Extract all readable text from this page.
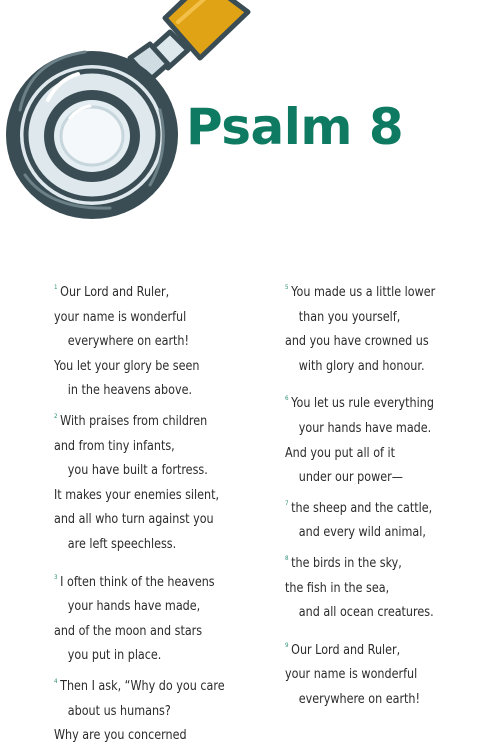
Psalm 8
$^1$ Our Lord and Ruler,
your name is wonderful
everywhere on earth!
You let your glory be seen
in the heavens above.
$^2$ With praises from children
and from tiny infants,
you have built a fortress.
It makes your enemies silent,
and all who turn against you
are left speechless.
$^3$ I often think of the heavens
your hands have made,
and of the moon and stars
you put in place.
$^4$ Then I ask, “Why do you care
about us humans?
Why are you concerned
$^5$ You made us a little lower
than you yourself,
and you have crowned us
with glory and honour.
$^6$ You let us rule everything
your hands have made.
And you put all of it
under our power—
$^7$ the sheep and the cattle,
and every wild animal,
$^8$ the birds in the sky,
the fish in the sea,
and all ocean creatures.
$^9$ Our Lord and Ruler,
your name is wonderful
everywhere on earth!
